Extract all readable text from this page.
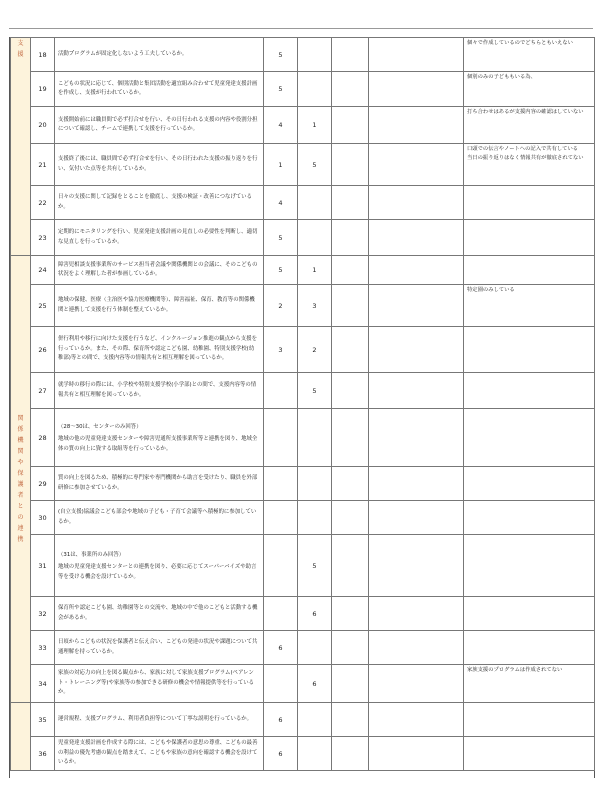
支援	18	活動プログラムが固定化しないよう工夫しているか。	5				個々で作成しているのでどちらともいえない
	19	こどもの状況に応じて、個別活動と集団活動を適宜組み合わせて児童発達支援計画を作成し、支援が行われているか。	5				個別のみの子どももいる為、
	20	支援開始前には職員間で必ず打合せを行い、その日行われる支援の内容や役割分担について確認し、チームで連携して支援を行っているか。	4	1			打ち合わせはあるが支援内容の確認はしていない
	21	支援終了後には、職員間で必ず打合せを行い、その日行われた支援の振り返りを行い、気付いた点等を共有しているか。	1	5			口頭での伝言やノートへの記入で共有している
当日の振り返りはなく情報共有が徹底されてない
	22	日々の支援に関して記録をとることを徹底し、支援の検証・改善につなげているか。	4				
	23	定期的にモニタリングを行い、児童発達支援計画の見直しの必要性を判断し、適切な見直しを行っているか。	5				
関係機関や保護者との連携	24	障害児相談支援事業所のサービス担当者会議や関係機関との会議に、そのこどもの状況をよく理解した者が参画しているか。	5	1			
	25	地域の保健、医療（主治医や協力医療機関等）、障害福祉、保育、教育等の関係機関と連携して支援を行う体制を整えているか。	2	3			特定園のみしている
	26	併行利用や移行に向けた支援を行うなど、インクルージョン推進の観点から支援を行っているか。また、その際、保育所や認定こども園、幼稚園、特別支援学校(幼稚部)等との間で、支援内容等の情報共有と相互理解を図っているか。	3	2			
	27	就学時の移行の際には、小学校や特別支援学校(小学部)との間で、支援内容等の情報共有と相互理解を図っているか。		5			
	28	（28～30は、センターのみ回答）
地域の他の児童発達支援センターや障害児通所支援事業所等と連携を図り、地域全体の質の向上に資する取組等を行っているか。					
	29	質の向上を図るため、積極的に専門家や専門機関から助言を受けたり、職員を外部研修に参加させているか。					
	30	(自立支援)協議会こども部会や地域の子ども・子育て会議等へ積極的に参加しているか。					
	31	（31は、事業所のみ回答）
地域の児童発達支援センターとの連携を図り、必要に応じてスーパーバイズや助言等を受ける機会を設けているか。		5			
	32	保育所や認定こども園、幼稚園等との交流や、地域の中で他のこどもと活動する機会があるか。		6			
	33	日頃からこどもの状況を保護者と伝え合い、こどもの発達の状況や課題について共通理解を持っているか。	6				
	34	家族の対応力の向上を図る観点から、家族に対して家族支援プログラム(ペアレント・トレーニング等)や家族等の参加できる研修の機会や情報提供等を行っているか。		6			家族支援のプログラムは作成されてない
	35	運営規程、支援プログラム、利用者負担等について丁寧な説明を行っているか。	6				
	36	児童発達支援計画を作成する際には、こどもや保護者の意思の尊重、こどもの最善の利益の優先考慮の観点を踏まえて、こどもや家族の意向を確認する機会を設けているか。	6				
